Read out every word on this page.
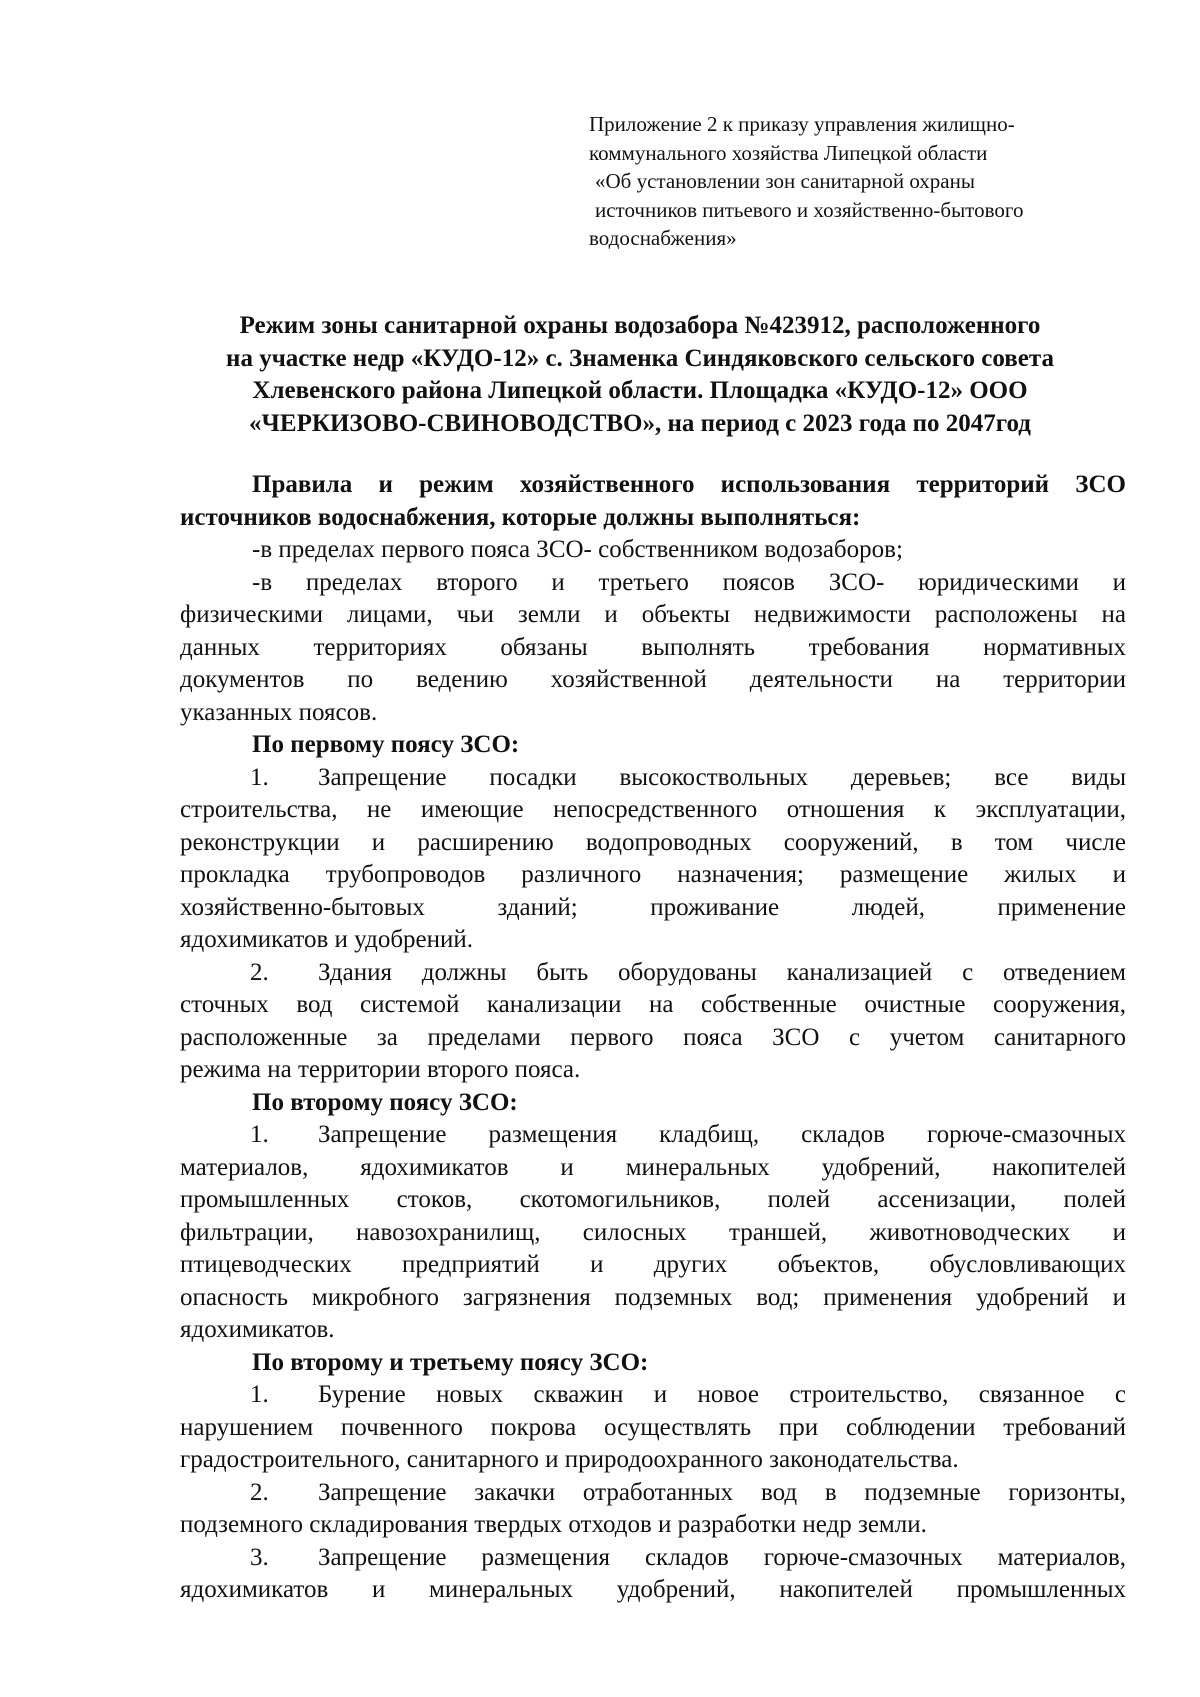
Приложение 2 к приказу управления жилищно-
коммунального хозяйства Липецкой области
«Об установлении зон санитарной охраны
источников питьевого и хозяйственно-бытового
водоснабжения»
Режим зоны санитарной охраны водозабора №423912, расположенного
на участке недр «КУДО-12» с. Знаменка Синдяковского сельского совета
Хлевенского района Липецкой области. Площадка «КУДО-12» ООО
«ЧЕРКИЗОВО-СВИНОВОДСТВО», на период с 2023 года по 2047год
Правила и режим хозяйственного использования территорий ЗСО
источников водоснабжения, которые должны выполняться:
-в пределах первого пояса ЗСО- собственником водозаборов;
-в пределах второго и третьего поясов ЗСО- юридическими и
физическими лицами, чьи земли и объекты недвижимости расположены на
данных территориях обязаны выполнять требования нормативных
документов по ведению хозяйственной деятельности на территории
указанных поясов.
По первому поясу ЗСО:
1.	Запрещение посадки высокоствольных деревьев; все виды
строительства, не имеющие непосредственного отношения к эксплуатации,
реконструкции и расширению водопроводных сооружений, в том числе
прокладка трубопроводов различного назначения; размещение жилых и
хозяйственно-бытовых зданий; проживание людей, применение
ядохимикатов и удобрений.
2.	Здания должны быть оборудованы канализацией с отведением
сточных вод системой канализации на собственные очистные сооружения,
расположенные за пределами первого пояса ЗСО с учетом санитарного
режима на территории второго пояса.
По второму поясу ЗСО:
1.	Запрещение размещения кладбищ, складов горюче-смазочных
материалов, ядохимикатов и минеральных удобрений, накопителей
промышленных стоков, скотомогильников, полей ассенизации, полей
фильтрации, навозохранилищ, силосных траншей, животноводческих и
птицеводческих предприятий и других объектов, обусловливающих
опасность микробного загрязнения подземных вод; применения удобрений и
ядохимикатов.
По второму и третьему поясу ЗСО:
1.	Бурение новых скважин и новое строительство, связанное с
нарушением почвенного покрова осуществлять при соблюдении требований
градостроительного, санитарного и природоохранного законодательства.
2.	Запрещение закачки отработанных вод в подземные горизонты,
подземного складирования твердых отходов и разработки недр земли.
3.	Запрещение размещения складов горюче-смазочных материалов,
ядохимикатов и минеральных удобрений, накопителей промышленных
